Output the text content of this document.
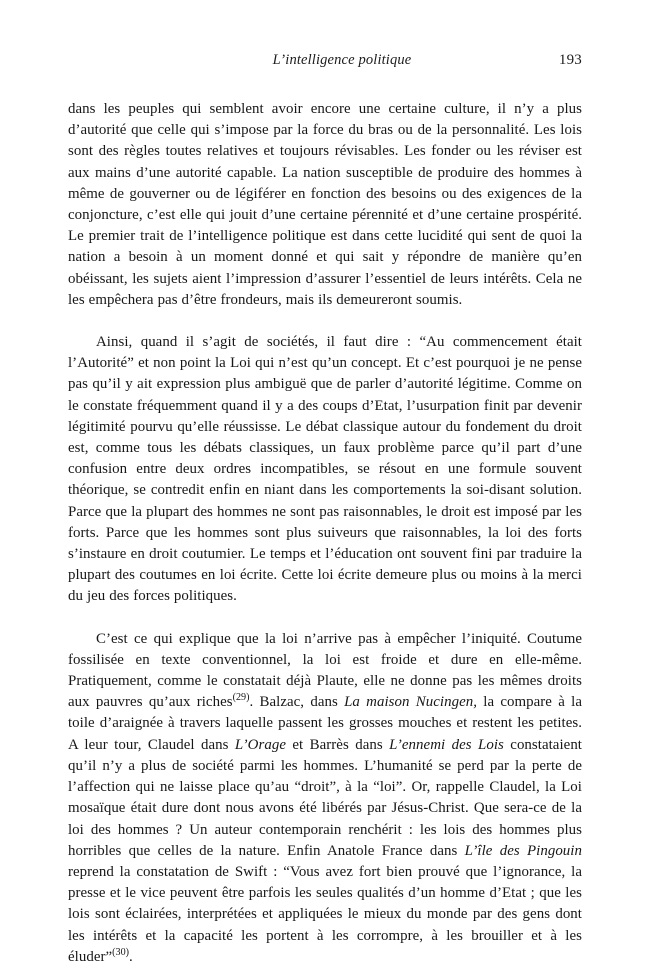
L’intelligence politique	193

dans les peuples qui semblent avoir encore une certaine culture, il n’y a plus d’autorité que celle qui s’impose par la force du bras ou de la personnalité. Les lois sont des règles toutes relatives et toujours révisables. Les fonder ou les réviser est aux mains d’une autorité capable. La nation susceptible de produire des hommes à même de gouverner ou de légiférer en fonction des besoins ou des exigences de la conjoncture, c’est elle qui jouit d’une certaine pérennité et d’une certaine prospérité. Le premier trait de l’intelligence politique est dans cette lucidité qui sent de quoi la nation a besoin à un moment donné et qui sait y répondre de manière qu’en obéissant, les sujets aient l’impression d’assurer l’essentiel de leurs intérêts. Cela ne les empêchera pas d’être frondeurs, mais ils demeureront soumis.

Ainsi, quand il s’agit de sociétés, il faut dire : “Au commencement était l’Autorité” et non point la Loi qui n’est qu’un concept. Et c’est pourquoi je ne pense pas qu’il y ait expression plus ambiguë que de parler d’autorité légitime. Comme on le constate fréquemment quand il y a des coups d’Etat, l’usurpation finit par devenir légitimité pourvu qu’elle réussisse. Le débat classique autour du fondement du droit est, comme tous les débats classiques, un faux problème parce qu’il part d’une confusion entre deux ordres incompatibles, se résout en une formule souvent théorique, se contredit enfin en niant dans les comportements la soi-disant solution. Parce que la plupart des hommes ne sont pas raisonnables, le droit est imposé par les forts. Parce que les hommes sont plus suiveurs que raisonnables, la loi des forts s’instaure en droit coutumier. Le temps et l’éducation ont souvent fini par traduire la plupart des coutumes en loi écrite. Cette loi écrite demeure plus ou moins à la merci du jeu des forces politiques.

C’est ce qui explique que la loi n’arrive pas à empêcher l’iniquité. Coutume fossilisée en texte conventionnel, la loi est froide et dure en elle-même. Pratiquement, comme le constatait déjà Plaute, elle ne donne pas les mêmes droits aux pauvres qu’aux riches$^{(29)}$. Balzac, dans La maison Nucingen, la compare à la toile d’araignée à travers laquelle passent les grosses mouches et restent les petites. A leur tour, Claudel dans L’Orage et Barrès dans L’ennemi des Lois constataient qu’il n’y a plus de société parmi les hommes. L’humanité se perd par la perte de l’affection qui ne laisse place qu’au “droit”, à la “loi”. Or, rappelle Claudel, la Loi mosaïque était dure dont nous avons été libérés par Jésus-Christ. Que sera-ce de la loi des hommes ? Un auteur contemporain renchérit : les lois des hommes plus horribles que celles de la nature. Enfin Anatole France dans L’île des Pingouin reprend la constatation de Swift : “Vous avez fort bien prouvé que l’ignorance, la presse et le vice peuvent être parfois les seules qualités d’un homme d’Etat ; que les lois sont éclairées, interprétées et appliquées le mieux du monde par des gens dont les intérêts et la capacité les portent à les corrompre, à les brouiller et à les éluder”$^{(30)}$.
